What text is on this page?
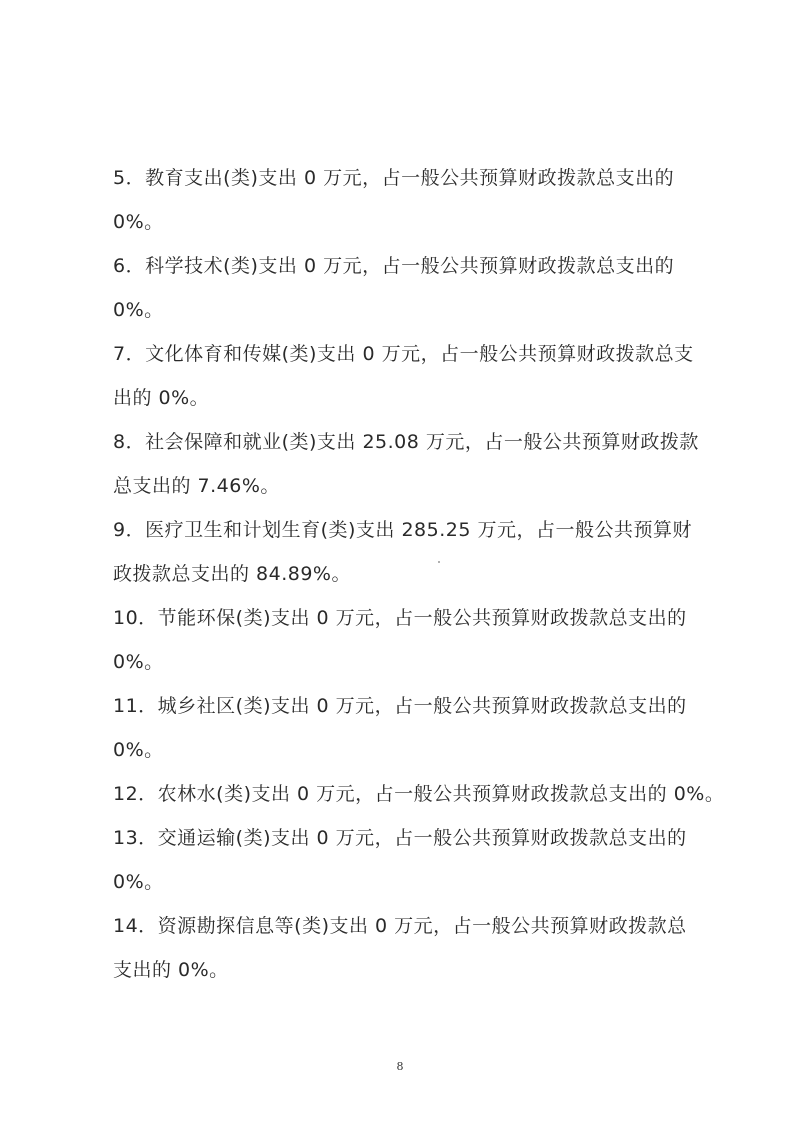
5．教育支出(类)支出 0 万元，占一般公共预算财政拨款总支出的
0%。

6．科学技术(类)支出 0 万元，占一般公共预算财政拨款总支出的
0%。

7．文化体育和传媒(类)支出 0 万元，占一般公共预算财政拨款总支
出的 0%。

8．社会保障和就业(类)支出 25.08 万元，占一般公共预算财政拨款
总支出的 7.46%。

9．医疗卫生和计划生育(类)支出 285.25 万元，占一般公共预算财
政拨款总支出的 84.89%。

10．节能环保(类)支出 0 万元，占一般公共预算财政拨款总支出的
0%。

11．城乡社区(类)支出 0 万元，占一般公共预算财政拨款总支出的
0%。

12．农林水(类)支出 0 万元，占一般公共预算财政拨款总支出的 0%。

13．交通运输(类)支出 0 万元，占一般公共预算财政拨款总支出的
0%。

14．资源勘探信息等(类)支出 0 万元，占一般公共预算财政拨款总
支出的 0%。

8
